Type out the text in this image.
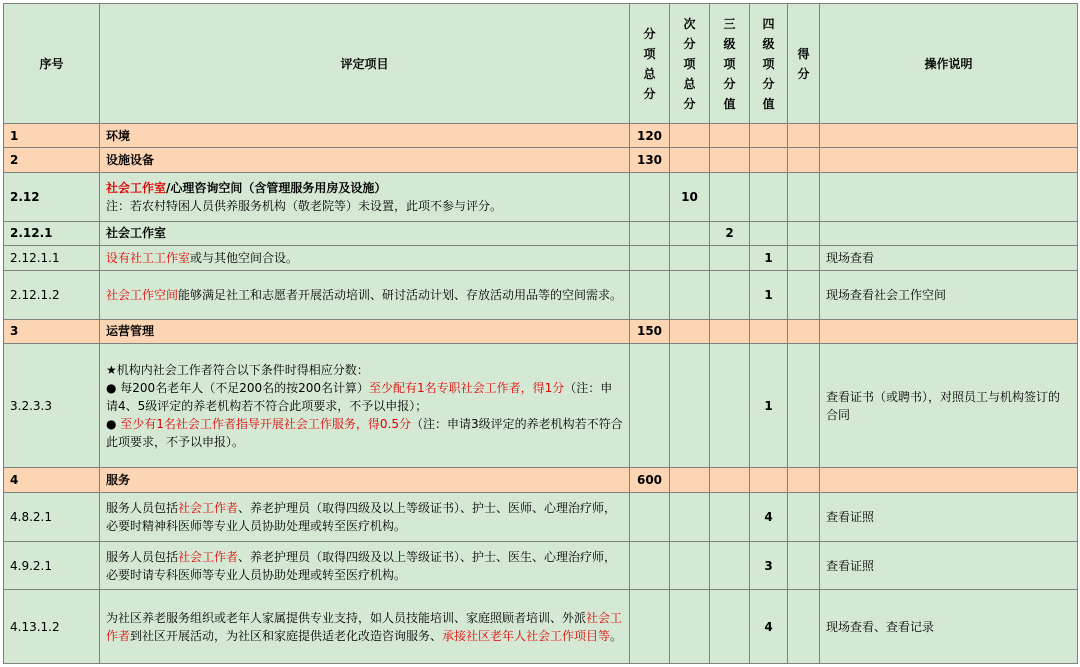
序号	评定项目	分项总分	次分项总分	三级项分值	四级项分值	得分	操作说明
1	环境	120					
2	设施设备	130					
2.12	社会工作室/心理咨询空间（含管理服务用房及设施）
注：若农村特困人员供养服务机构（敬老院等）未设置，此项不参与评分。		10				
2.12.1	社会工作室			2			
2.12.1.1	设有社工工作室或与其他空间合设。				1		现场查看
2.12.1.2	社会工作空间能够满足社工和志愿者开展活动培训、研讨活动计划、存放活动用品等的空间需求。				1		现场查看社会工作空间
3	运营管理	150					
3.2.3.3	★机构内社会工作者符合以下条件时得相应分数：
● 每200名老年人（不足200名的按200名计算）至少配有1名专职社会工作者，得1分（注：申请4、5级评定的养老机构若不符合此项要求，不予以申报）；
● 至少有1名社会工作者指导开展社会工作服务，得0.5分（注：申请3级评定的养老机构若不符合此项要求，不予以申报）。				1		查看证书（或聘书），对照员工与机构签订的合同
4	服务	600					
4.8.2.1	服务人员包括社会工作者、养老护理员（取得四级及以上等级证书）、护士、医师、心理治疗师，必要时精神科医师等专业人员协助处理或转至医疗机构。				4		查看证照
4.9.2.1	服务人员包括社会工作者、养老护理员（取得四级及以上等级证书）、护士、医生、心理治疗师，必要时请专科医师等专业人员协助处理或转至医疗机构。				3		查看证照
4.13.1.2	为社区养老服务组织或老年人家属提供专业支持，如人员技能培训、家庭照顾者培训、外派社会工作者到社区开展活动，为社区和家庭提供适老化改造咨询服务、承接社区老年人社会工作项目等。				4		现场查看、查看记录
